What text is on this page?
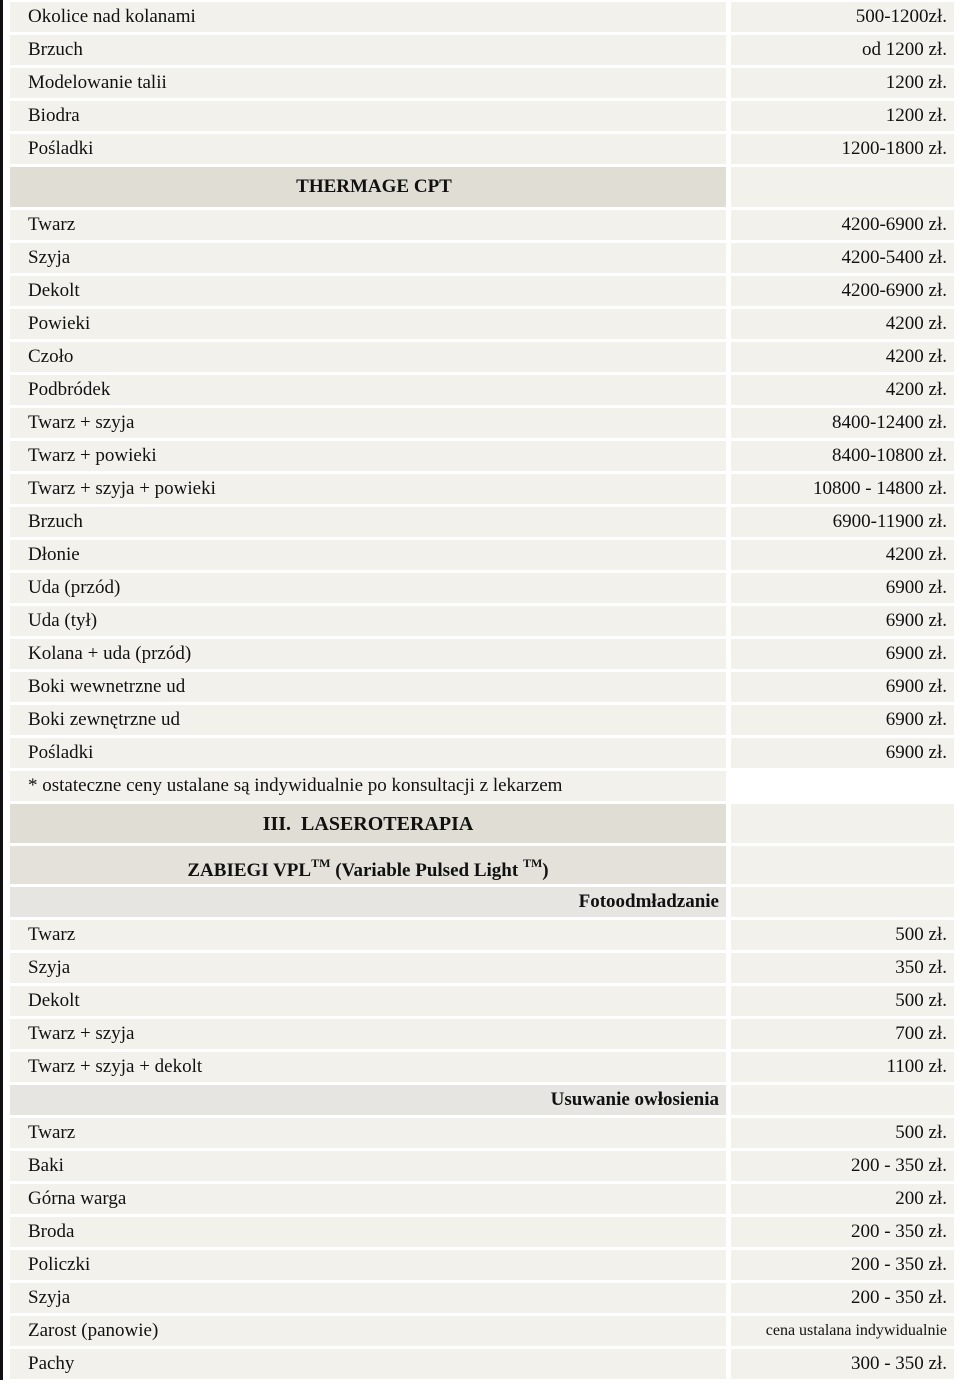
Okolice nad kolanami	500-1200zł.
Brzuch	od 1200 zł.
Modelowanie talii	1200 zł.
Biodra	1200 zł.
Pośladki	1200-1800 zł.
THERMAGE CPT
Twarz	4200-6900 zł.
Szyja	4200-5400 zł.
Dekolt	4200-6900 zł.
Powieki	4200 zł.
Czoło	4200 zł.
Podbródek	4200 zł.
Twarz + szyja	8400-12400 zł.
Twarz + powieki	8400-10800 zł.
Twarz + szyja + powieki	10800 - 14800 zł.
Brzuch	6900-11900 zł.
Dłonie	4200 zł.
Uda (przód)	6900 zł.
Uda (tył)	6900 zł.
Kolana + uda (przód)	6900 zł.
Boki wewnetrzne ud	6900 zł.
Boki zewnętrzne ud	6900 zł.
Pośladki	6900 zł.
* ostateczne ceny ustalane są indywidualnie po konsultacji z lekarzem
III.  LASEROTERAPIA
ZABIEGI VPL™ (Variable Pulsed Light ™)
Fotoodmładzanie
Twarz	500 zł.
Szyja	350 zł.
Dekolt	500 zł.
Twarz + szyja	700 zł.
Twarz + szyja + dekolt	1100 zł.
Usuwanie owłosienia
Twarz	500 zł.
Baki	200 - 350 zł.
Górna warga	200 zł.
Broda	200 - 350 zł.
Policzki	200 - 350 zł.
Szyja	200 - 350 zł.
Zarost (panowie)	cena ustalana indywidualnie
Pachy	300 - 350 zł.
